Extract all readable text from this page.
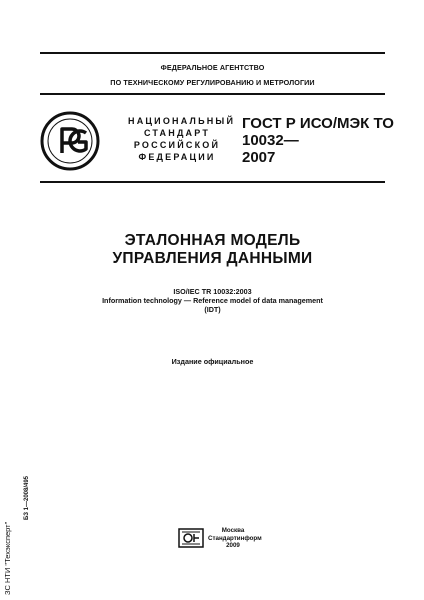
ФЕДЕРАЛЬНОЕ АГЕНТСТВО
ПО ТЕХНИЧЕСКОМУ РЕГУЛИРОВАНИЮ И МЕТРОЛОГИИ
НАЦИОНАЛЬНЫЙ
СТАНДАРТ
РОССИЙСКОЙ
ФЕДЕРАЦИИ
ГОСТ Р ИСО/МЭК ТО
10032—
2007
ЭТАЛОННАЯ МОДЕЛЬ
УПРАВЛЕНИЯ ДАННЫМИ
ISO/IEC TR 10032:2003
Information technology — Reference model of data management
(IDT)
Издание официальное
БЗ 1—2008/495
ЗС НТИ "Техэксперт"	Москва
Стандартинформ
2009
